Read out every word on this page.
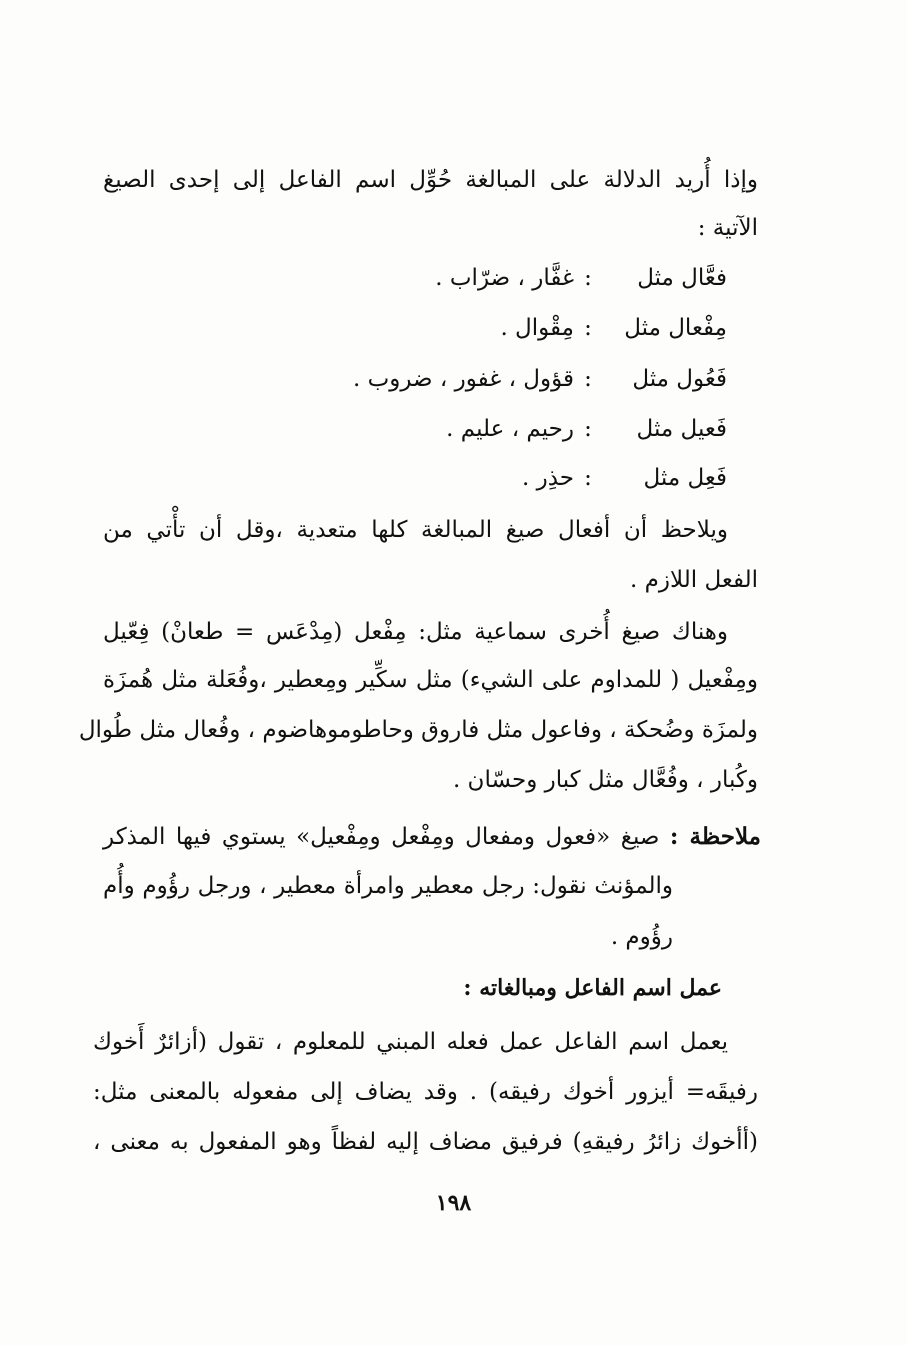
وإذا أُريد الدلالة على المبالغة حُوِّل اسم الفاعل إلى إحدى الصيغ
الآتية :
فعَّال مثل:غفَّار ، ضرّاب .
مِفْعال مثل:مِقْوال .
فَعُول مثل:قؤول ، غفور ، ضروب .
فَعيل مثل:رحيم ، عليم .
فَعِل مثل:حذِر .
ويلاحظ أن أفعال صيغ المبالغة كلها متعدية ،وقل أن تأْتي من
الفعل اللازم .
وهناك صيغ أُخرى سماعية مثل: مِفْعل (مِدْعَس = طعانْ) فِعّيل
ومِفْعيل ( للمداوم على الشيء) مثل سكِّير ومِعطير ،وفُعَلة مثل هُمزَة
ولمزَة وضُحكة ، وفاعول مثل فاروق وحاطوموهاضوم ، وفُعال مثل طُوال
وكُبار ، وفُعَّال مثل كبار وحسّان .
ملاحظة : صيغ «فعول ومفعال ومِفْعل ومِفْعيل» يستوي فيها المذكر
والمؤنث نقول: رجل معطير وامرأة معطير ، ورجل رؤُوم وأُم
رؤُوم .
عمل اسم الفاعل ومبالغاته :
يعمل اسم الفاعل عمل فعله المبني للمعلوم ، تقول (أزائرٌ أَخوك
رفيقَه= أيزور أخوك رفيقه) . وقد يضاف إلى مفعوله بالمعنى مثل:
(أأخوك زائرُ رفيقهِ) فرفيق مضاف إليه لفظاً وهو المفعول به معنى ،
١٩٨
